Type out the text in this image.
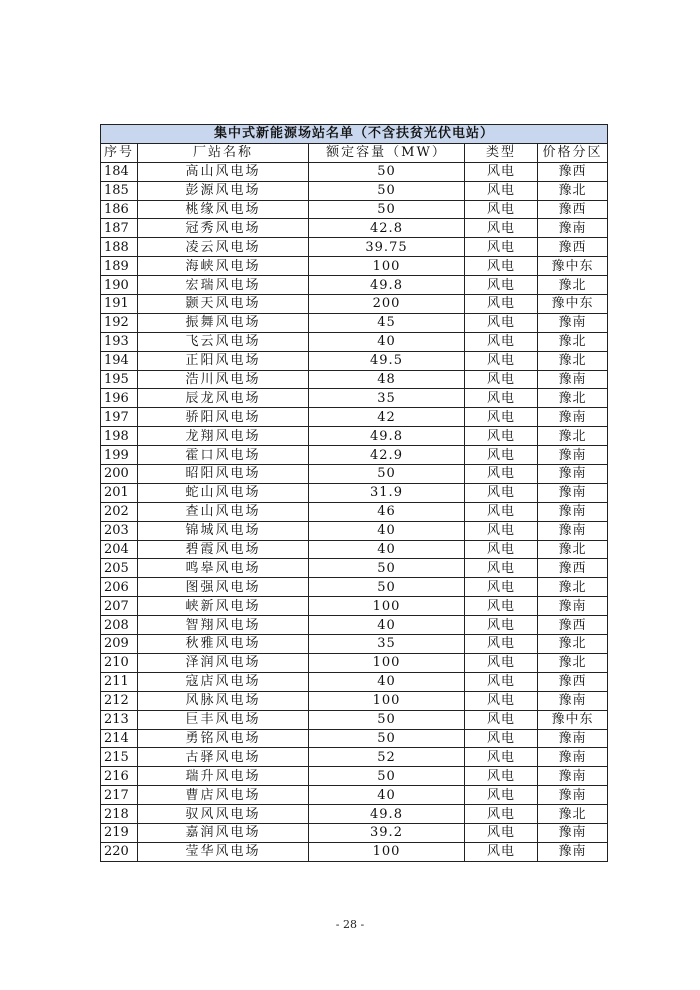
集中式新能源场站名单（不含扶贫光伏电站）				
序号	厂站名称	额定容量（MW）	类型	价格分区
184	高山风电场	50	风电	豫西
185	彭源风电场	50	风电	豫北
186	桃缘风电场	50	风电	豫西
187	冠秀风电场	42.8	风电	豫南
188	凌云风电场	39.75	风电	豫西
189	海峡风电场	100	风电	豫中东
190	宏瑞风电场	49.8	风电	豫北
191	颢天风电场	200	风电	豫中东
192	振舞风电场	45	风电	豫南
193	飞云风电场	40	风电	豫北
194	正阳风电场	49.5	风电	豫北
195	浩川风电场	48	风电	豫南
196	辰龙风电场	35	风电	豫北
197	骄阳风电场	42	风电	豫南
198	龙翔风电场	49.8	风电	豫北
199	霍口风电场	42.9	风电	豫南
200	昭阳风电场	50	风电	豫南
201	蛇山风电场	31.9	风电	豫南
202	查山风电场	46	风电	豫南
203	锦城风电场	40	风电	豫南
204	碧霞风电场	40	风电	豫北
205	鸣皋风电场	50	风电	豫西
206	图强风电场	50	风电	豫北
207	峡新风电场	100	风电	豫南
208	智翔风电场	40	风电	豫西
209	秋雅风电场	35	风电	豫北
210	泽润风电场	100	风电	豫北
211	寇店风电场	40	风电	豫西
212	风脉风电场	100	风电	豫南
213	巨丰风电场	50	风电	豫中东
214	勇铭风电场	50	风电	豫南
215	古驿风电场	52	风电	豫南
216	瑞升风电场	50	风电	豫南
217	曹店风电场	40	风电	豫南
218	驭风风电场	49.8	风电	豫北
219	嘉润风电场	39.2	风电	豫南
220	莹华风电场	100	风电	豫南
- 28 -
